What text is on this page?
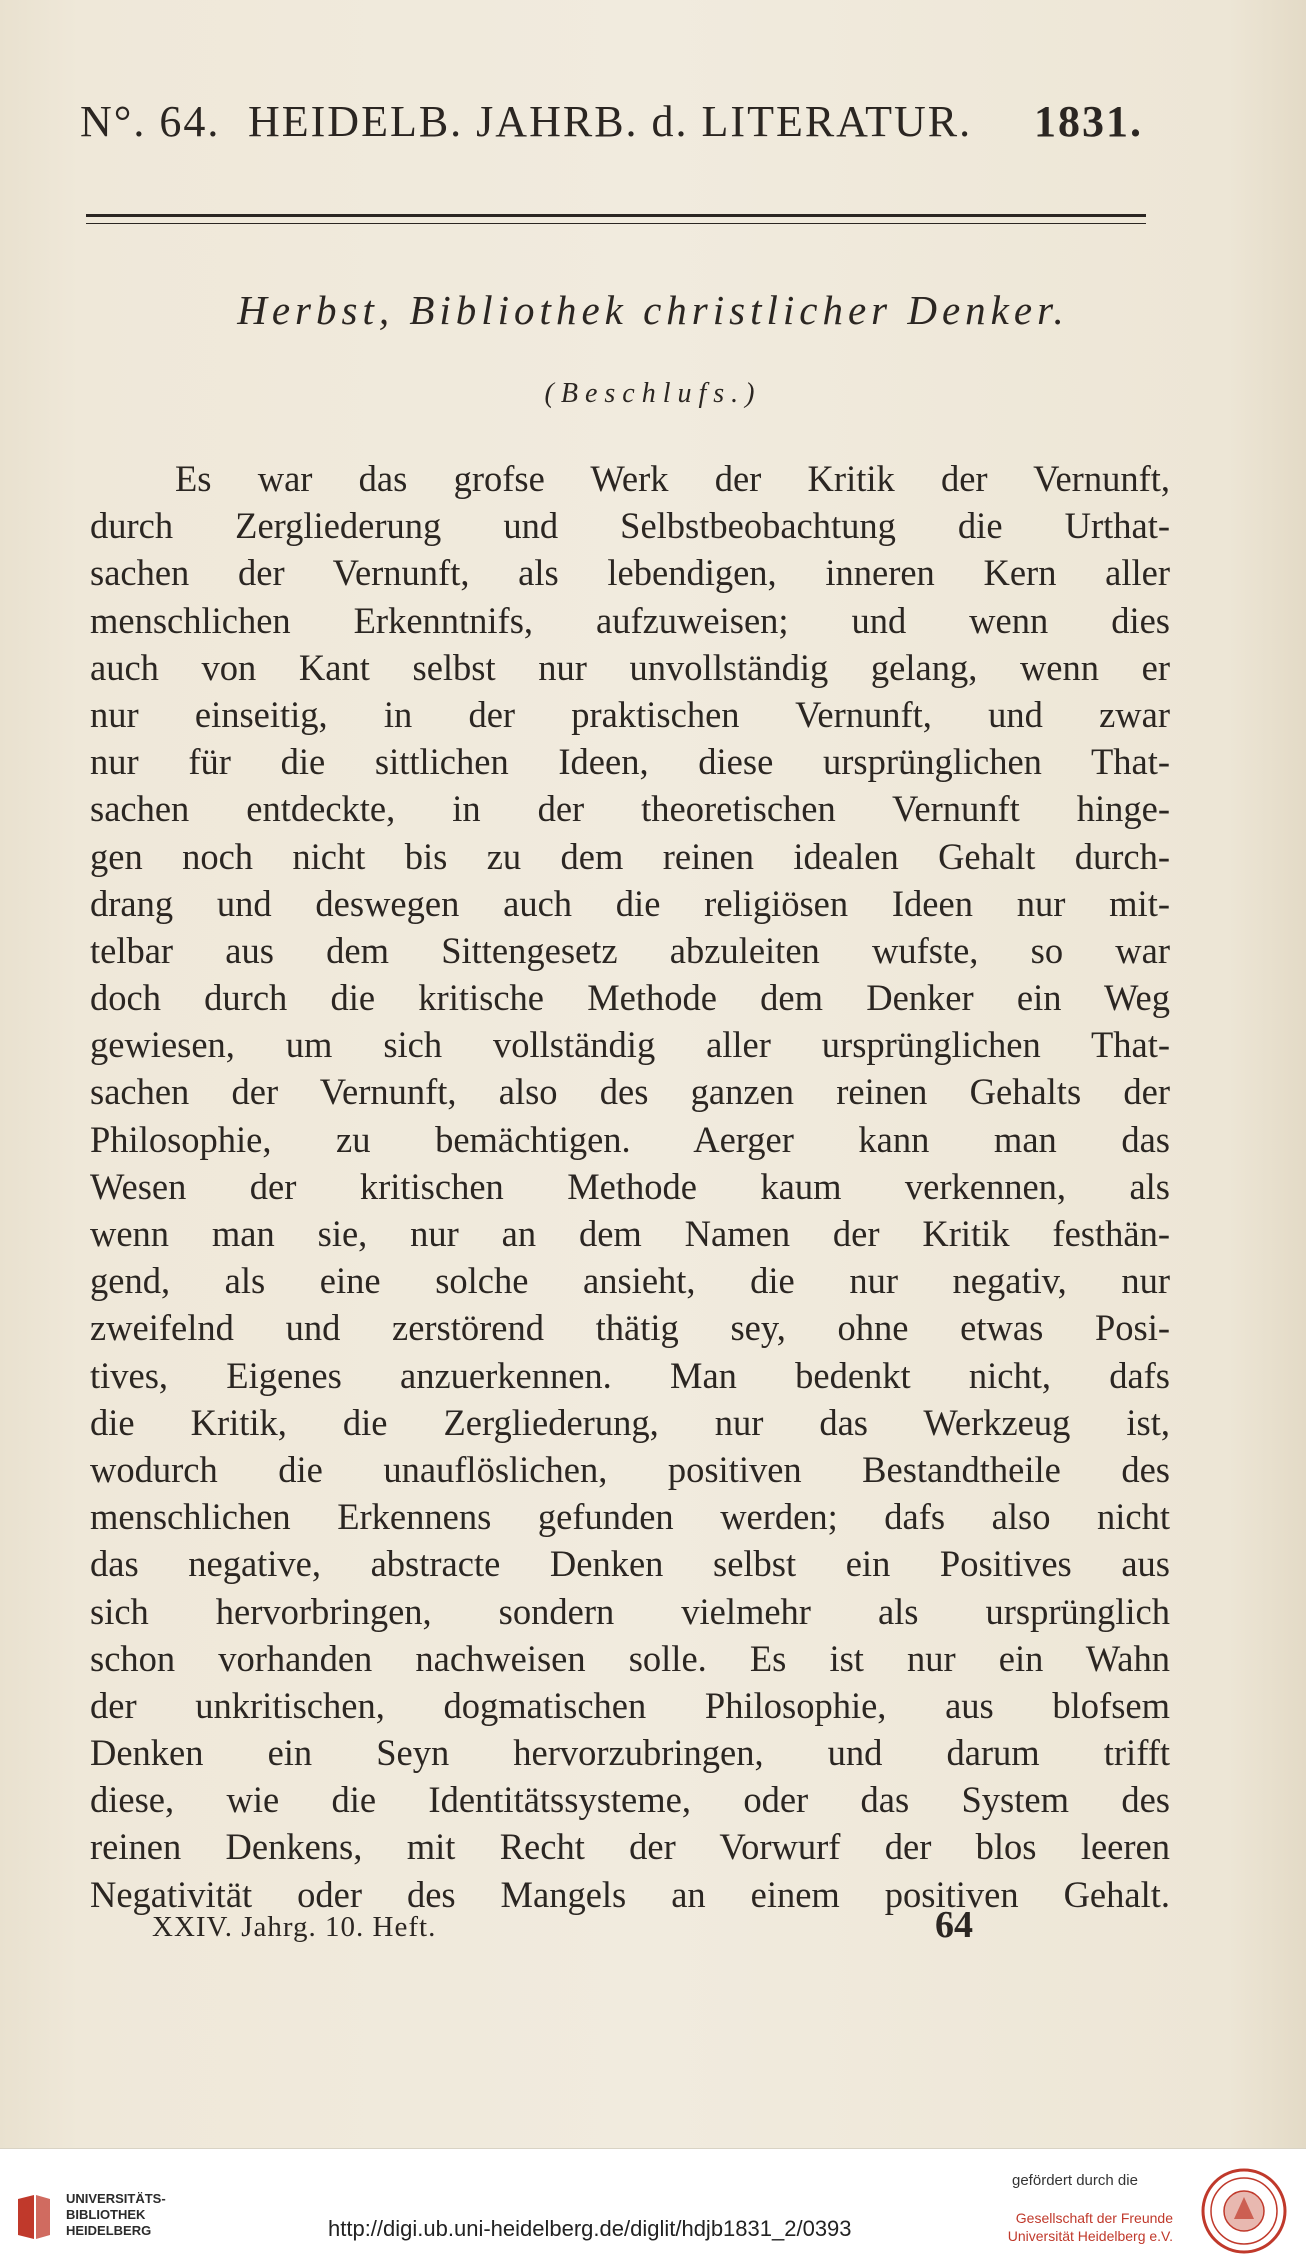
N°. 64. HEIDELB. JAHRB. d. LITERATUR. 1831.
Herbst, Bibliothek christlicher Denker.
(Beschlufs.)
Es war das grofse Werk der Kritik der Vernunft,
durch Zergliederung und Selbstbeobachtung die Urthat-
sachen der Vernunft, als lebendigen, inneren Kern aller
menschlichen Erkenntnifs, aufzuweisen; und wenn dies
auch von Kant selbst nur unvollständig gelang, wenn er
nur einseitig, in der praktischen Vernunft, und zwar
nur für die sittlichen Ideen, diese ursprünglichen That-
sachen entdeckte, in der theoretischen Vernunft hinge-
gen noch nicht bis zu dem reinen idealen Gehalt durch-
drang und deswegen auch die religiösen Ideen nur mit-
telbar aus dem Sittengesetz abzuleiten wufste, so war
doch durch die kritische Methode dem Denker ein Weg
gewiesen, um sich vollständig aller ursprünglichen That-
sachen der Vernunft, also des ganzen reinen Gehalts der
Philosophie, zu bemächtigen. Aerger kann man das
Wesen der kritischen Methode kaum verkennen, als
wenn man sie, nur an dem Namen der Kritik festhän-
gend, als eine solche ansieht, die nur negativ, nur
zweifelnd und zerstörend thätig sey, ohne etwas Posi-
tives, Eigenes anzuerkennen. Man bedenkt nicht, dafs
die Kritik, die Zergliederung, nur das Werkzeug ist,
wodurch die unauflöslichen, positiven Bestandtheile des
menschlichen Erkennens gefunden werden; dafs also nicht
das negative, abstracte Denken selbst ein Positives aus
sich hervorbringen, sondern vielmehr als ursprünglich
schon vorhanden nachweisen solle. Es ist nur ein Wahn
der unkritischen, dogmatischen Philosophie, aus blofsem
Denken ein Seyn hervorzubringen, und darum trifft
diese, wie die Identitätssysteme, oder das System des
reinen Denkens, mit Recht der Vorwurf der blos leeren
Negativität oder des Mangels an einem positiven Gehalt.
XXIV. Jahrg. 10. Heft.	64
UNIVERSITÄTS-
BIBLIOTHEK
HEIDELBERG	http://digi.ub.uni-heidelberg.de/diglit/hdjb1831_2/0393
gefördert durch die
Gesellschaft der Freunde
Universität Heidelberg e.V.
